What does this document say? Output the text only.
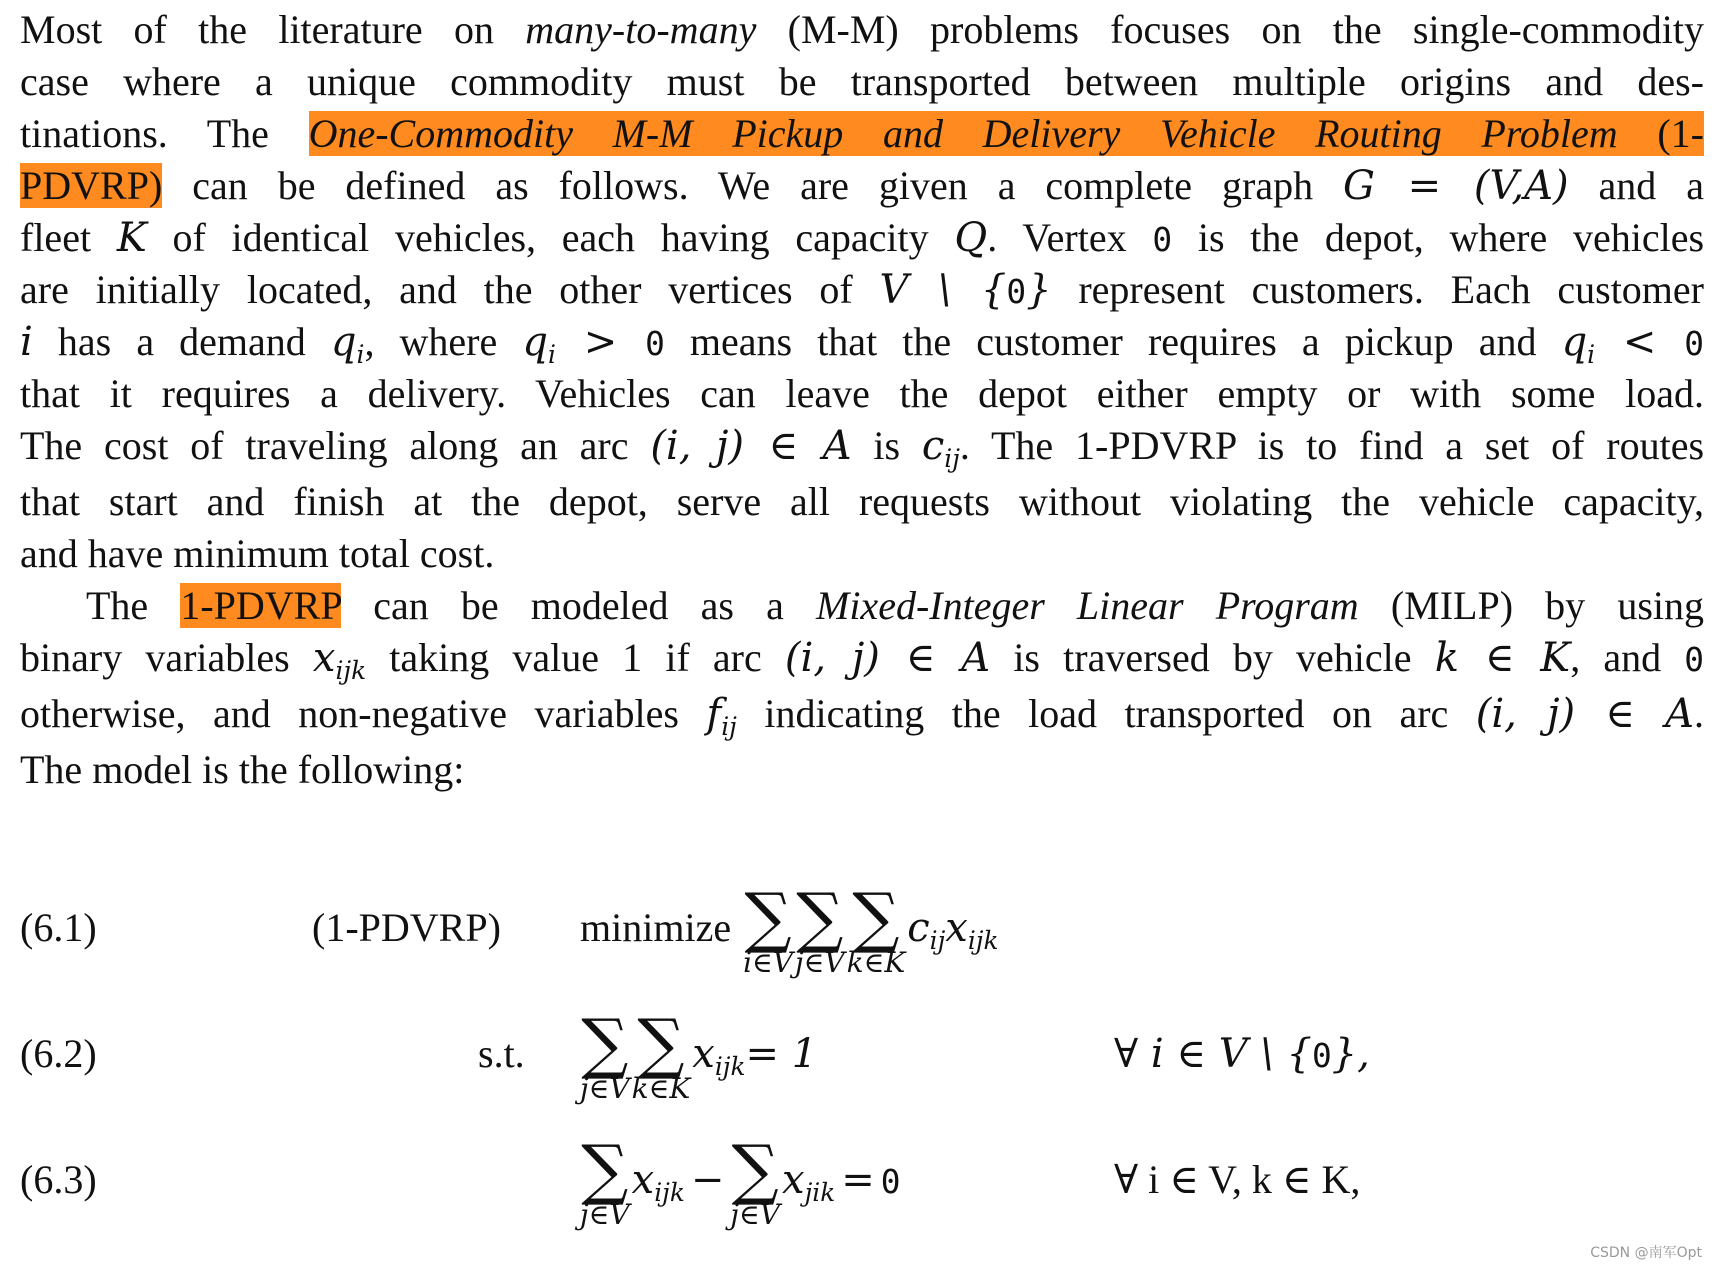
Most of the literature on many-to-many (M-M) problems focuses on the single-commodity
case where a unique commodity must be transported between multiple origins and des-
tinations. The One-Commodity M-M Pickup and Delivery Vehicle Routing Problem (1-
PDVRP) can be defined as follows. We are given a complete graph G = (V,A) and a
fleet K of identical vehicles, each having capacity Q. Vertex 0 is the depot, where vehicles
are initially located, and the other vertices of V \ {0} represent customers. Each customer
i has a demand $q_i$, where $q_i > 0$ means that the customer requires a pickup and $q_i < 0$
that it requires a delivery. Vehicles can leave the depot either empty or with some load.
The cost of traveling along an arc (i, j) ∈ A is $c_{ij}$. The 1-PDVRP is to find a set of routes
that start and finish at the depot, serve all requests without violating the vehicle capacity,
and have minimum total cost.
The 1-PDVRP can be modeled as a Mixed-Integer Linear Program (MILP) by using
binary variables $x_{ijk}$ taking value 1 if arc (i, j) ∈ A is traversed by vehicle k ∈ K, and 0
otherwise, and non-negative variables $f_{ij}$ indicating the load transported on arc (i, j) ∈ A.
The model is the following:
(6.1)	(1-PDVRP) minimize ∑
i∈V
∑
j∈V
∑
k∈K
$c_{ij}x_{ijk}$
(6.2)	s.t. ∑
j∈V
∑
k∈K
$x_{ijk}= 1$	∀ i ∈ V \ {0},
(6.3)	∑
j∈V
$x_{ijk}$ − ∑
j∈V
$x_{jik} = 0$	∀ i ∈ V, k ∈ K,
CSDN @南军Opt
